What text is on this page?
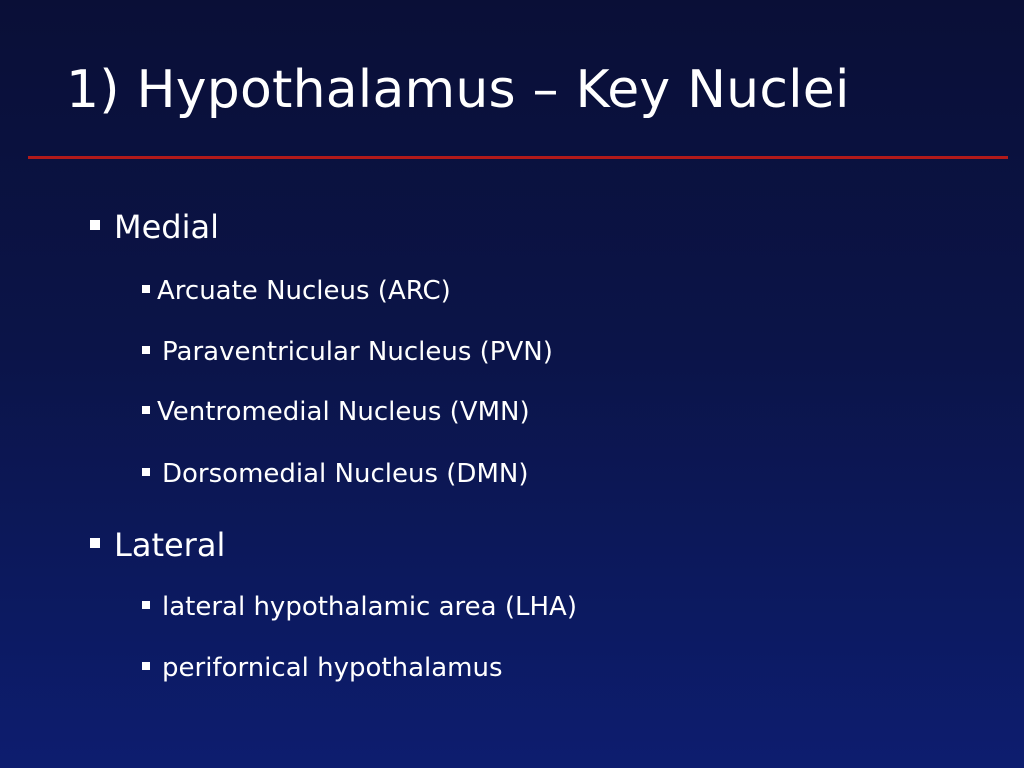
1) Hypothalamus – Key Nuclei
Medial
Arcuate Nucleus (ARC)
Paraventricular Nucleus (PVN)
Ventromedial Nucleus (VMN)
Dorsomedial Nucleus (DMN)
Lateral
lateral hypothalamic area (LHA)
perifornical hypothalamus
